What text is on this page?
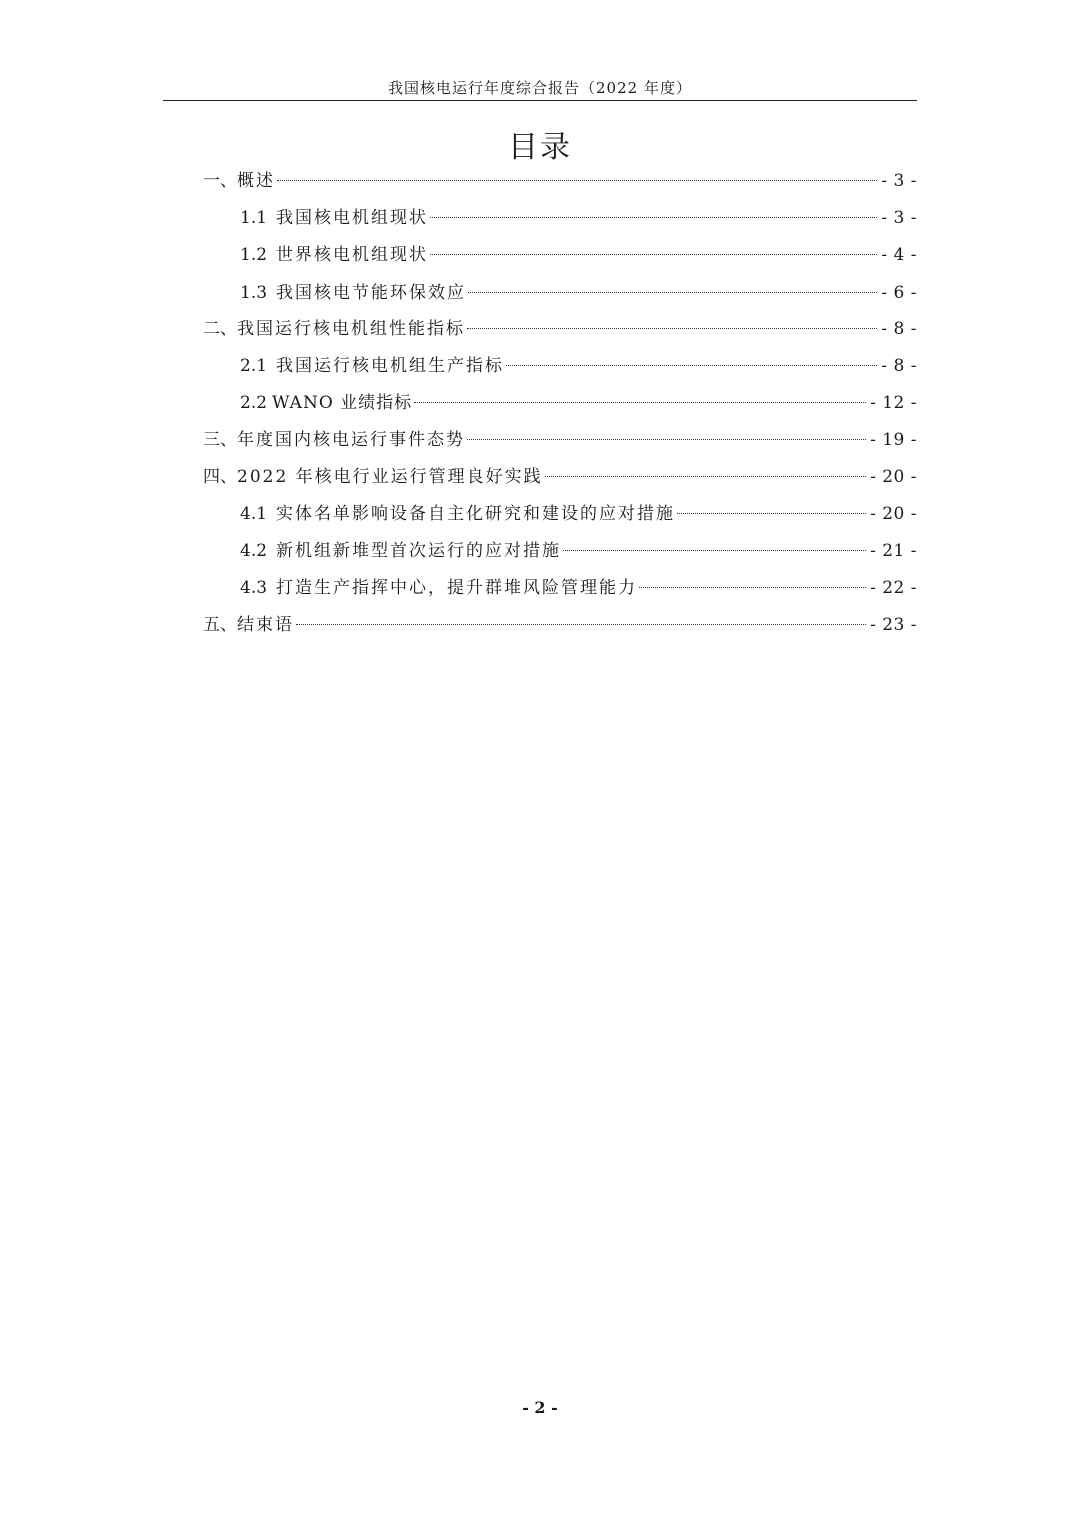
我国核电运行年度综合报告（2022 年度）
目录
一、 概述	- 3 -
1.1 我国核电机组现状	- 3 -
1.2 世界核电机组现状	- 4 -
1.3 我国核电节能环保效应	- 6 -
二、 我国运行核电机组性能指标	- 8 -
2.1 我国运行核电机组生产指标	- 8 -
2.2 WANO 业绩指标	- 12 -
三、 年度国内核电运行事件态势	- 19 -
四、 2022 年核电行业运行管理良好实践	- 20 -
4.1 实体名单影响设备自主化研究和建设的应对措施	- 20 -
4.2 新机组新堆型首次运行的应对措施	- 21 -
4.3 打造生产指挥中心，提升群堆风险管理能力	- 22 -
五、 结束语	- 23 -
- 2 -
